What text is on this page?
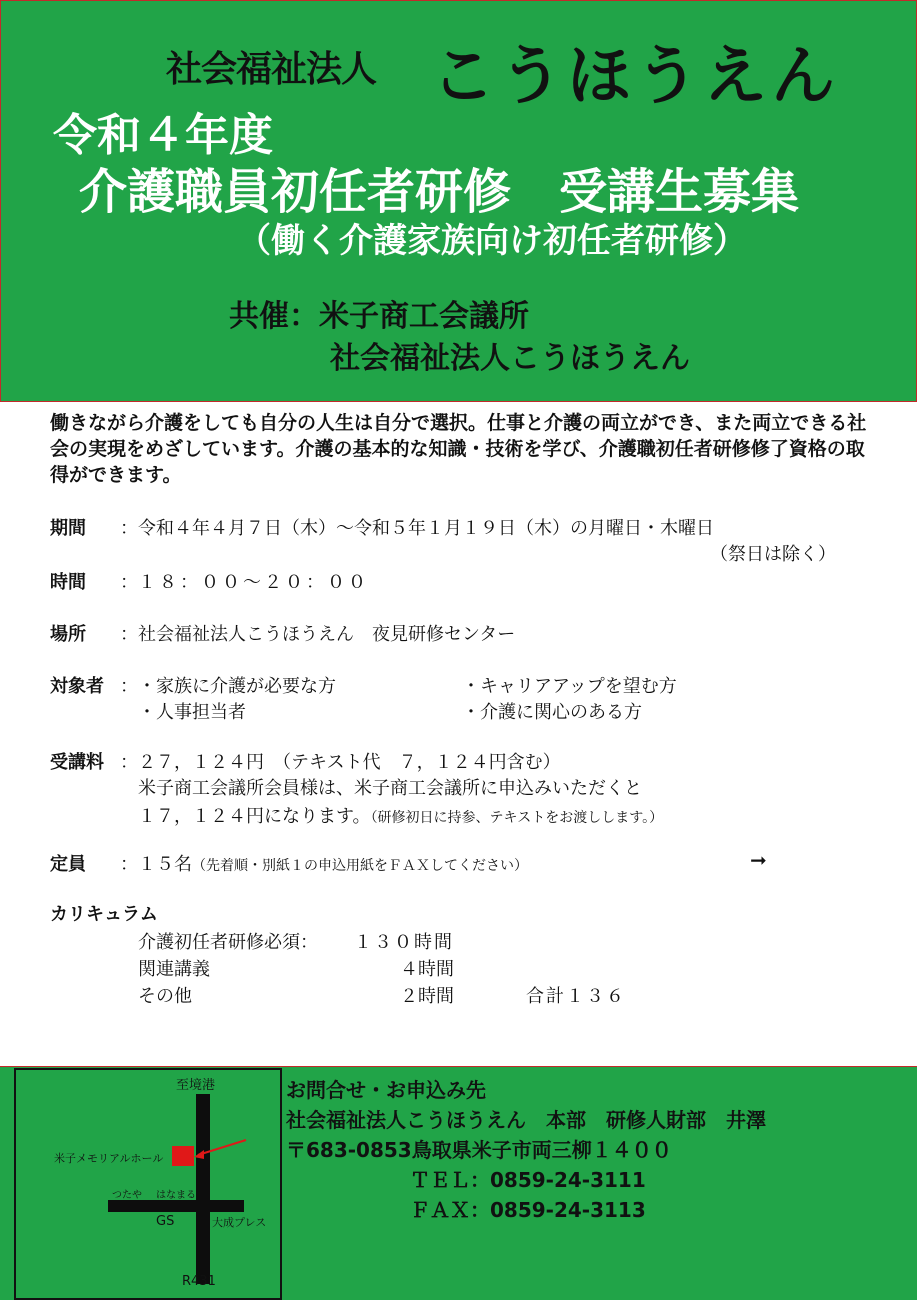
社会福祉法人 こうほうえん
令和４年度
介護職員初任者研修　受講生募集
（働く介護家族向け初任者研修）
共催：米子商工会議所
社会福祉法人こうほうえん
働きながら介護をしても自分の人生は自分で選択。仕事と介護の両立ができ、また両立できる社会の実現をめざしています。介護の基本的な知識・技術を学び、介護職初任者研修修了資格の取得ができます。
期間 ： 令和４年４月７日（木）～令和５年１月１９日（木）の月曜日・木曜日
（祭日は除く）
時間 ： １８：００～２０：００
場所 ： 社会福祉法人こうほうえん　夜見研修センター
対象者 ： ・家族に介護が必要な方	・キャリアアップを望む方
・人事担当者	・介護に関心のある方
受講料 ： ２７，１２４円　（テキスト代　７，１２４円含む）
米子商工会議所会員様は、米子商工会議所に申込みいただくと
１７，１２４円になります。（研修初日に持参、テキストをお渡しします。）
定員 ： １５名（先着順・別紙１の申込用紙をＦＡＸしてください）	➞
カリキュラム
介護初任者研修必須： １３０時間
関連講義	４時間
その他	２時間	合計１３６
至境港
米子メモリアルホール
つたや はなまる
GS	大成プレス
R431
お問合せ・お申込み先
社会福祉法人こうほうえん　本部　研修人財部　井澤
〒683-0853鳥取県米子市両三柳１４００
ＴＥＬ：0859-24-3111
ＦＡＸ：0859-24-3113
